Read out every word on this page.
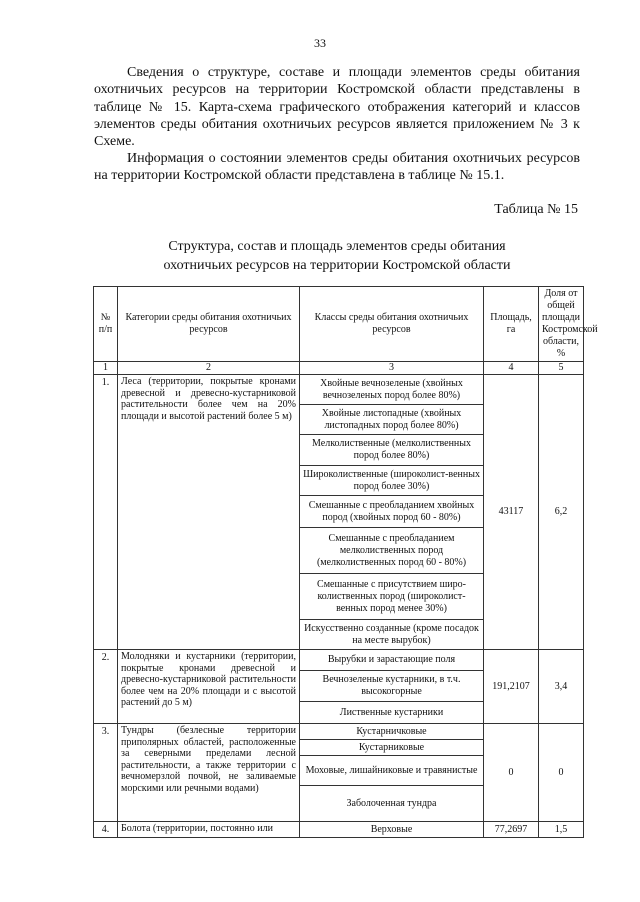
33

Сведения о структуре, составе и площади элементов среды обитания охотничьих ресурсов на территории Костромской области представлены в таблице № 15. Карта-схема графического отображения категорий и классов элементов среды обитания охотничьих ресурсов является приложением № 3 к Схеме.

Информация о состоянии элементов среды обитания охотничьих ресурсов на территории Костромской области представлена в таблице № 15.1.

Таблица № 15

Структура, состав и площадь элементов среды обитания
охотничьих ресурсов на территории Костромской области

№ п/п	Категории среды обитания охотничьих ресурсов	Классы среды обитания охотничьих ресурсов	Площадь, га	Доля от общей площади Костромской области, %
1	2	3	4	5
1.	Леса (территории, покрытые кронами древесной и древесно-кустарниковой растительности более чем на 20% площади и высотой растений более 5 м)	Хвойные вечнозеленые (хвойных вечнозеленых пород более 80%)	43117	6,2
		Хвойные листопадные (хвойных листопадных пород более 80%)		
		Мелколиственные (мелколиственных пород более 80%)		
		Широколиственные (широколист-венных пород более 30%)		
		Смешанные с преобладанием хвойных пород (хвойных пород 60 - 80%)		
		Смешанные с преобладанием мелколиственных пород (мелколиственных пород 60 - 80%)		
		Смешанные с присутствием широ-колиственных пород (широколист-венных пород менее 30%)		
		Искусственно созданные (кроме посадок на месте вырубок)		
2.	Молодняки и кустарники (территории, покрытые кронами древесной и древесно-кустарниковой растительности более чем на 20% площади и с высотой растений до 5 м)	Вырубки и зарастающие поля	191,2107	3,4
		Вечнозеленые кустарники, в т.ч. высокогорные		
		Лиственные кустарники		
3.	Тундры (безлесные территории приполярных областей, расположенные за северными пределами лесной растительности, а также территории с вечномерзлой почвой, не заливаемые морскими или речными водами)	Кустарничковые	0	0
		Кустарниковые		
		Моховые, лишайниковые и травянистые		
		Заболоченная тундра		
4.	Болота (территории, постоянно или	Верховые	77,2697	1,5
